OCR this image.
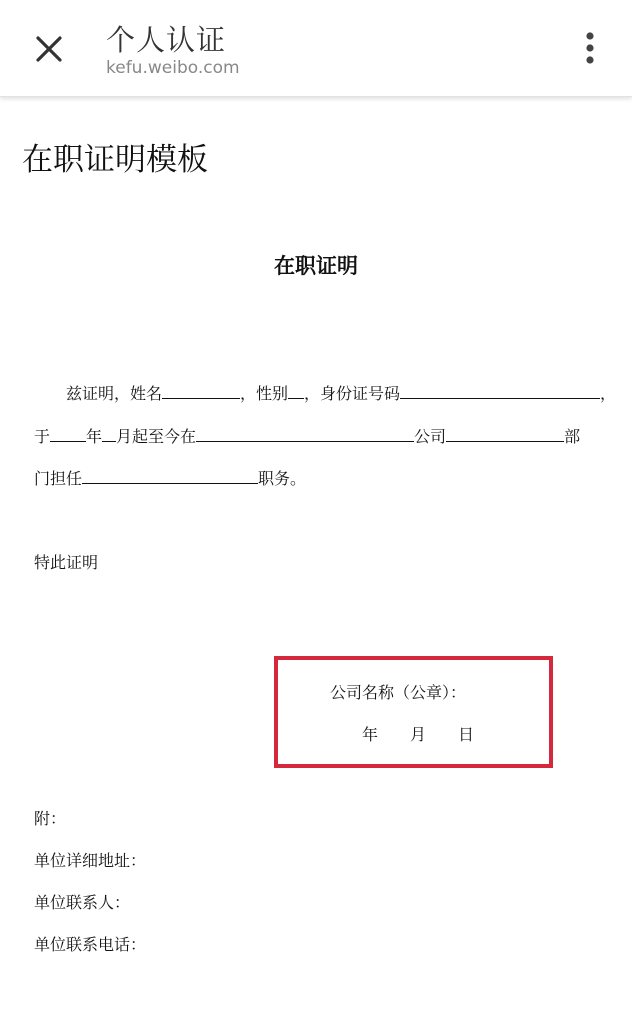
个人认证
kefu.weibo.com
在职证明模板
在职证明
兹证明，姓名	，性别 ，身份证号码	，
于 年 月起至今在	公司	部
门担任	职务。
特此证明
公司名称（公章）：
年 月 日
附：
单位详细地址：
单位联系人：
单位联系电话：
